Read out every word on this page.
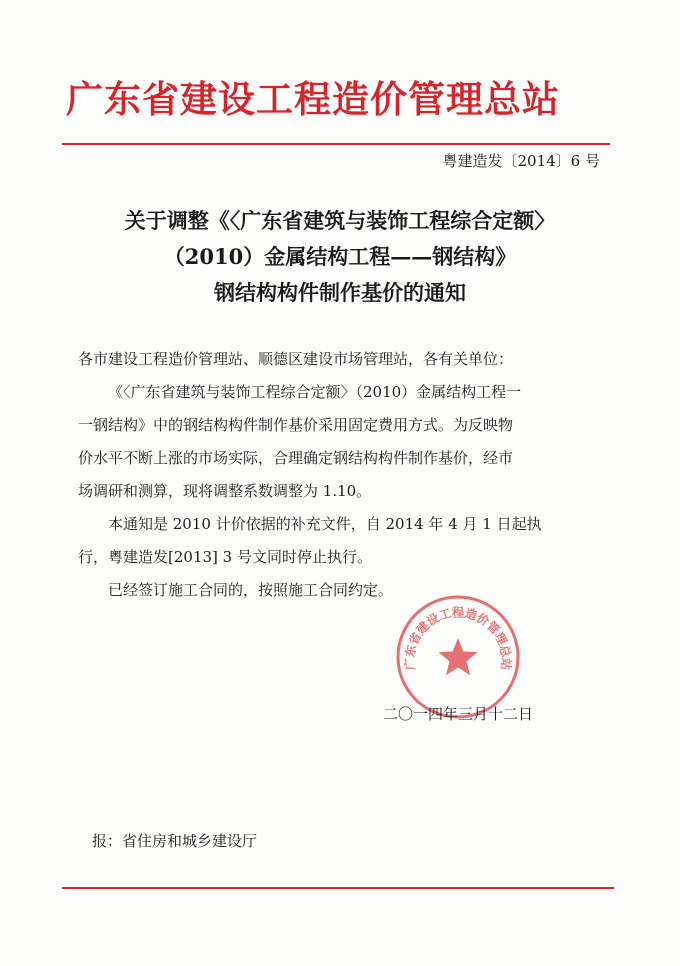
广东省建设工程造价管理总站
粤建造发〔2014〕6 号
关于调整《〈广东省建筑与装饰工程综合定额〉
（2010）金属结构工程——钢结构》
钢结构构件制作基价的通知

各市建设工程造价管理站、顺德区建设市场管理站，各有关单位：

《〈广东省建筑与装饰工程综合定额〉（2010）金属结构工程一

一钢结构》中的钢结构构件制作基价采用固定费用方式。为反映物

价水平不断上涨的市场实际，合理确定钢结构构件制作基价，经市

场调研和测算，现将调整系数调整为 1.10。

本通知是 2010 计价依据的补充文件，自 2014 年 4 月 1 日起执

行，粤建造发[2013] 3 号文同时停止执行。

已经签订施工合同的，按照施工合同约定。

广东省建设工程造价管理总站
二〇一四年三月十二日
报：省住房和城乡建设厅
